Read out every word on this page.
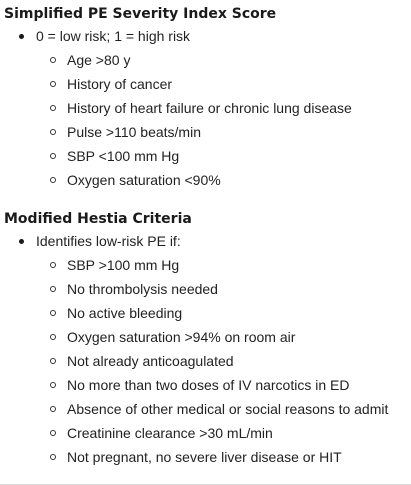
Simplified PE Severity Index Score
0 = low risk; 1 = high risk
Age >80 y
History of cancer
History of heart failure or chronic lung disease
Pulse >110 beats/min
SBP <100 mm Hg
Oxygen saturation <90%
Modified Hestia Criteria
Identifies low-risk PE if:
SBP >100 mm Hg
No thrombolysis needed
No active bleeding
Oxygen saturation >94% on room air
Not already anticoagulated
No more than two doses of IV narcotics in ED
Absence of other medical or social reasons to admit
Creatinine clearance >30 mL/min
Not pregnant, no severe liver disease or HIT
